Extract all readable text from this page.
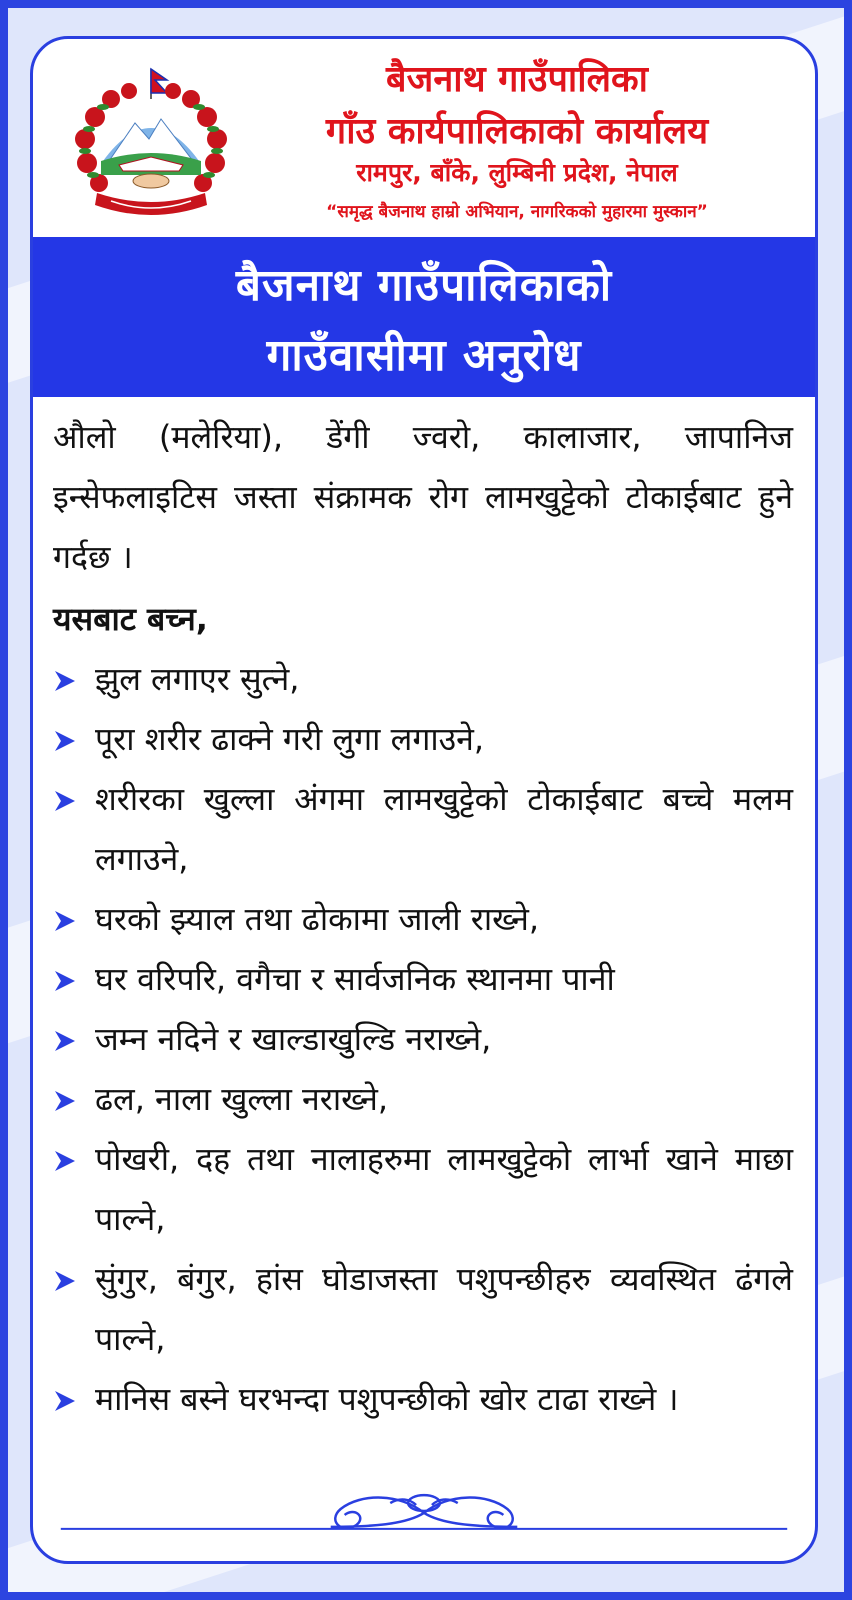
बैजनाथ गाउँपालिका
गाँउ कार्यपालिकाको कार्यालय
रामपुर, बाँके, लुम्बिनी प्रदेश, नेपाल
“समृद्ध बैजनाथ हाम्रो अभियान, नागरिकको मुहारमा मुस्कान”
बैजनाथ गाउँपालिकाको
गाउँवासीमा अनुरोध

औलो (मलेरिया), डेंगी ज्वरो, कालाजार, जापानिज इन्सेफलाइटिस जस्ता संक्रामक रोग लामखुट्टेको टोकाईबाट हुने गर्दछ ।

यसबाट बच्न,
झुल लगाएर सुत्ने,
पूरा शरीर ढाक्ने गरी लुगा लगाउने,
शरीरका खुल्ला अंगमा लामखुट्टेको टोकाईबाट बच्चे मलम लगाउने,
घरको झ्याल तथा ढोकामा जाली राख्ने,
घर वरिपरि, वगैचा र सार्वजनिक स्थानमा पानी
जम्न नदिने र खाल्डाखुल्डि नराख्ने,
ढल, नाला खुल्ला नराख्ने,
पोखरी, दह तथा नालाहरुमा लामखुट्टेको लार्भा खाने माछा पाल्ने,
सुंगुर, बंगुर, हांस घोडाजस्ता पशुपन्छीहरु व्यवस्थित ढंगले पाल्ने,
मानिस बस्ने घरभन्दा पशुपन्छीको खोर टाढा राख्ने ।
